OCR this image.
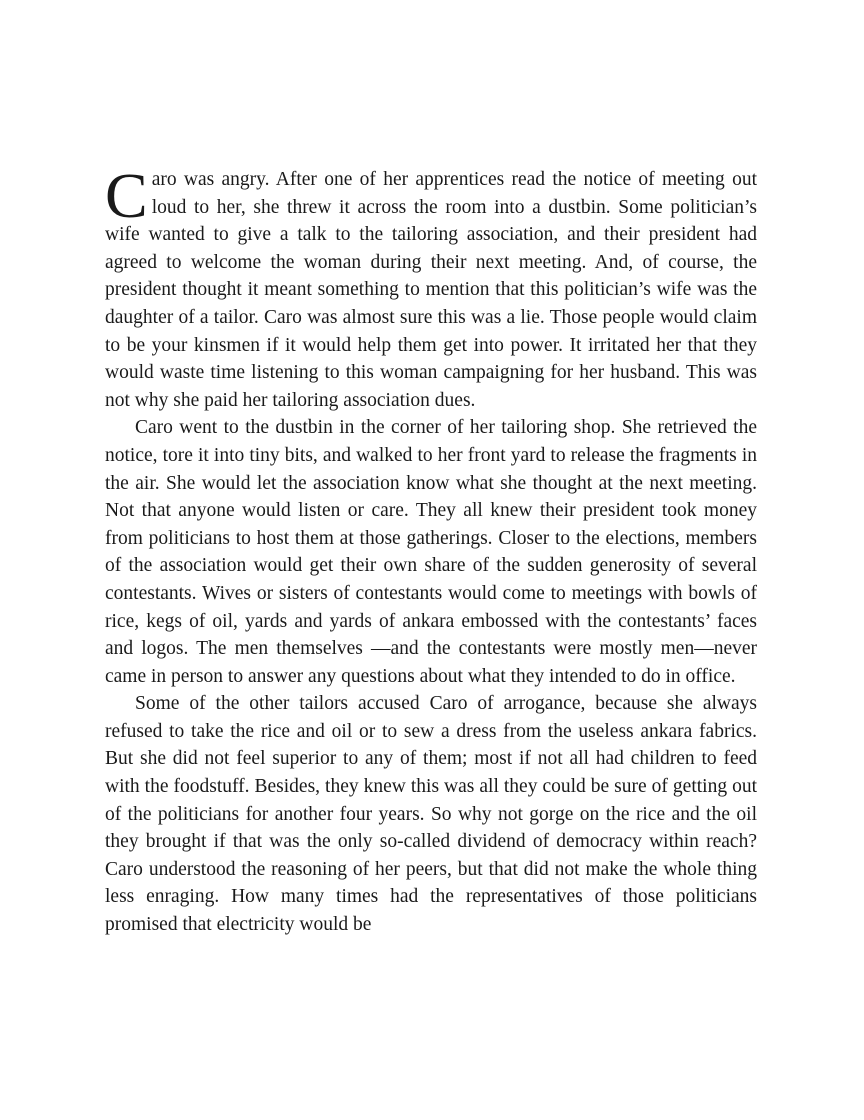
Caro was angry. After one of her apprentices read the notice of meeting out loud to her, she threw it across the room into a dustbin. Some politician’s wife wanted to give a talk to the tailoring association, and their president had agreed to welcome the woman during their next meeting. And, of course, the president thought it meant something to mention that this politician’s wife was the daughter of a tailor. Caro was almost sure this was a lie. Those people would claim to be your kinsmen if it would help them get into power. It irritated her that they would waste time listening to this woman campaigning for her husband. This was not why she paid her tailoring association dues.

Caro went to the dustbin in the corner of her tailoring shop. She retrieved the notice, tore it into tiny bits, and walked to her front yard to release the fragments in the air. She would let the association know what she thought at the next meeting. Not that anyone would listen or care. They all knew their president took money from politicians to host them at those gatherings. Closer to the elections, members of the association would get their own share of the sudden generosity of several contestants. Wives or sisters of contestants would come to meetings with bowls of rice, kegs of oil, yards and yards of ankara embossed with the contestants’ faces and logos. The men themselves —and the contestants were mostly men—never came in person to answer any questions about what they intended to do in office.

Some of the other tailors accused Caro of arrogance, because she always refused to take the rice and oil or to sew a dress from the useless ankara fabrics. But she did not feel superior to any of them; most if not all had children to feed with the foodstuff. Besides, they knew this was all they could be sure of getting out of the politicians for another four years. So why not gorge on the rice and the oil they brought if that was the only so-called dividend of democracy within reach? Caro understood the reasoning of her peers, but that did not make the whole thing less enraging. How many times had the representatives of those politicians promised that electricity would be
